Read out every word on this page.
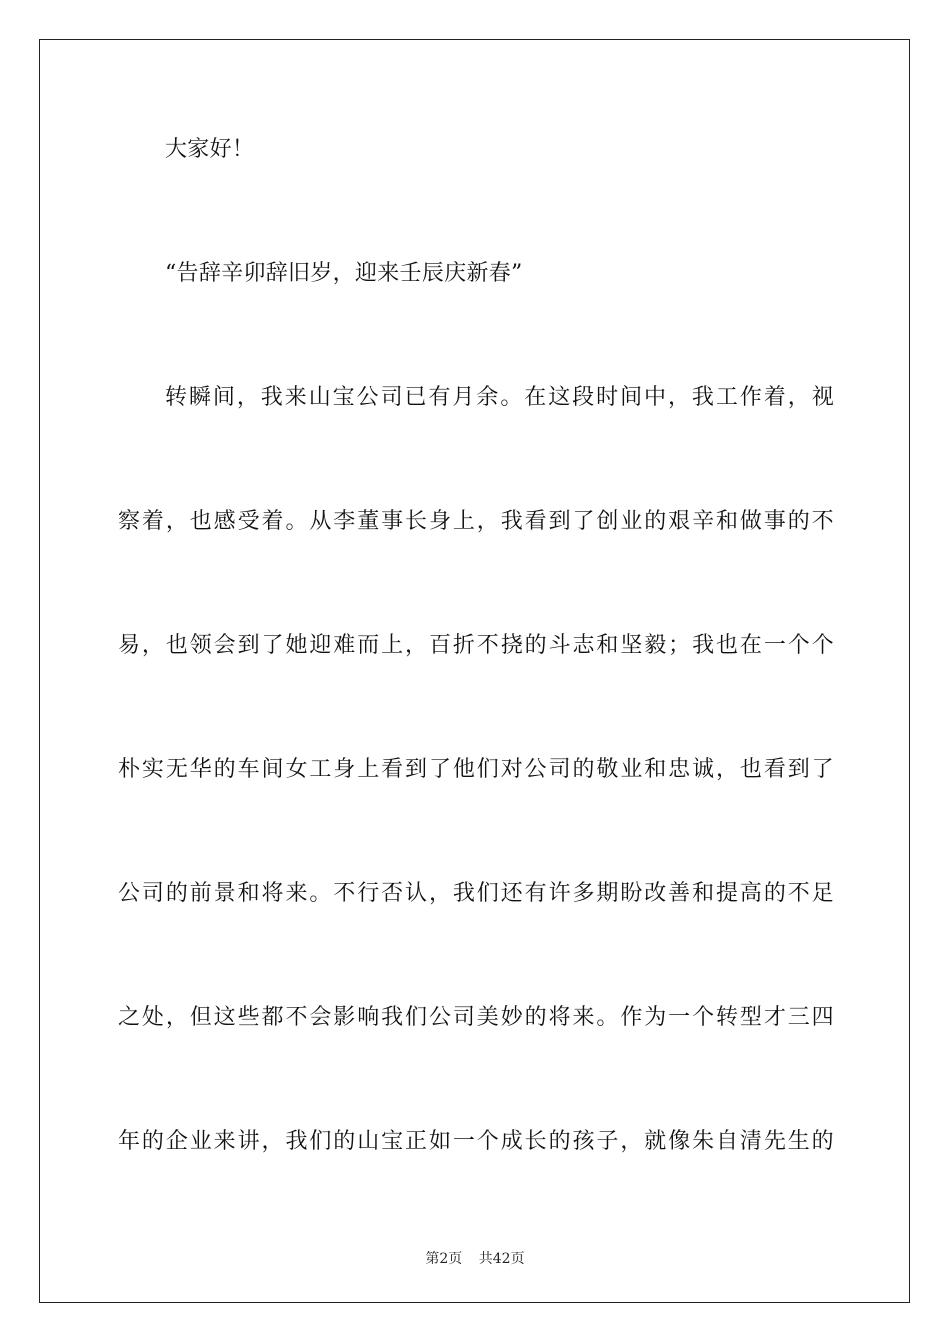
大家好！
“告辞辛卯辞旧岁，迎来壬辰庆新春”
转瞬间，我来山宝公司已有月余。在这段时间中，我工作着，视
察着，也感受着。从李董事长身上，我看到了创业的艰辛和做事的不
易，也领会到了她迎难而上，百折不挠的斗志和坚毅；我也在一个个
朴实无华的车间女工身上看到了他们对公司的敬业和忠诚，也看到了
公司的前景和将来。不行否认，我们还有许多期盼改善和提高的不足
之处，但这些都不会影响我们公司美妙的将来。作为一个转型才三四
年的企业来讲，我们的山宝正如一个成长的孩子，就像朱自清先生的
第2页 共42页
